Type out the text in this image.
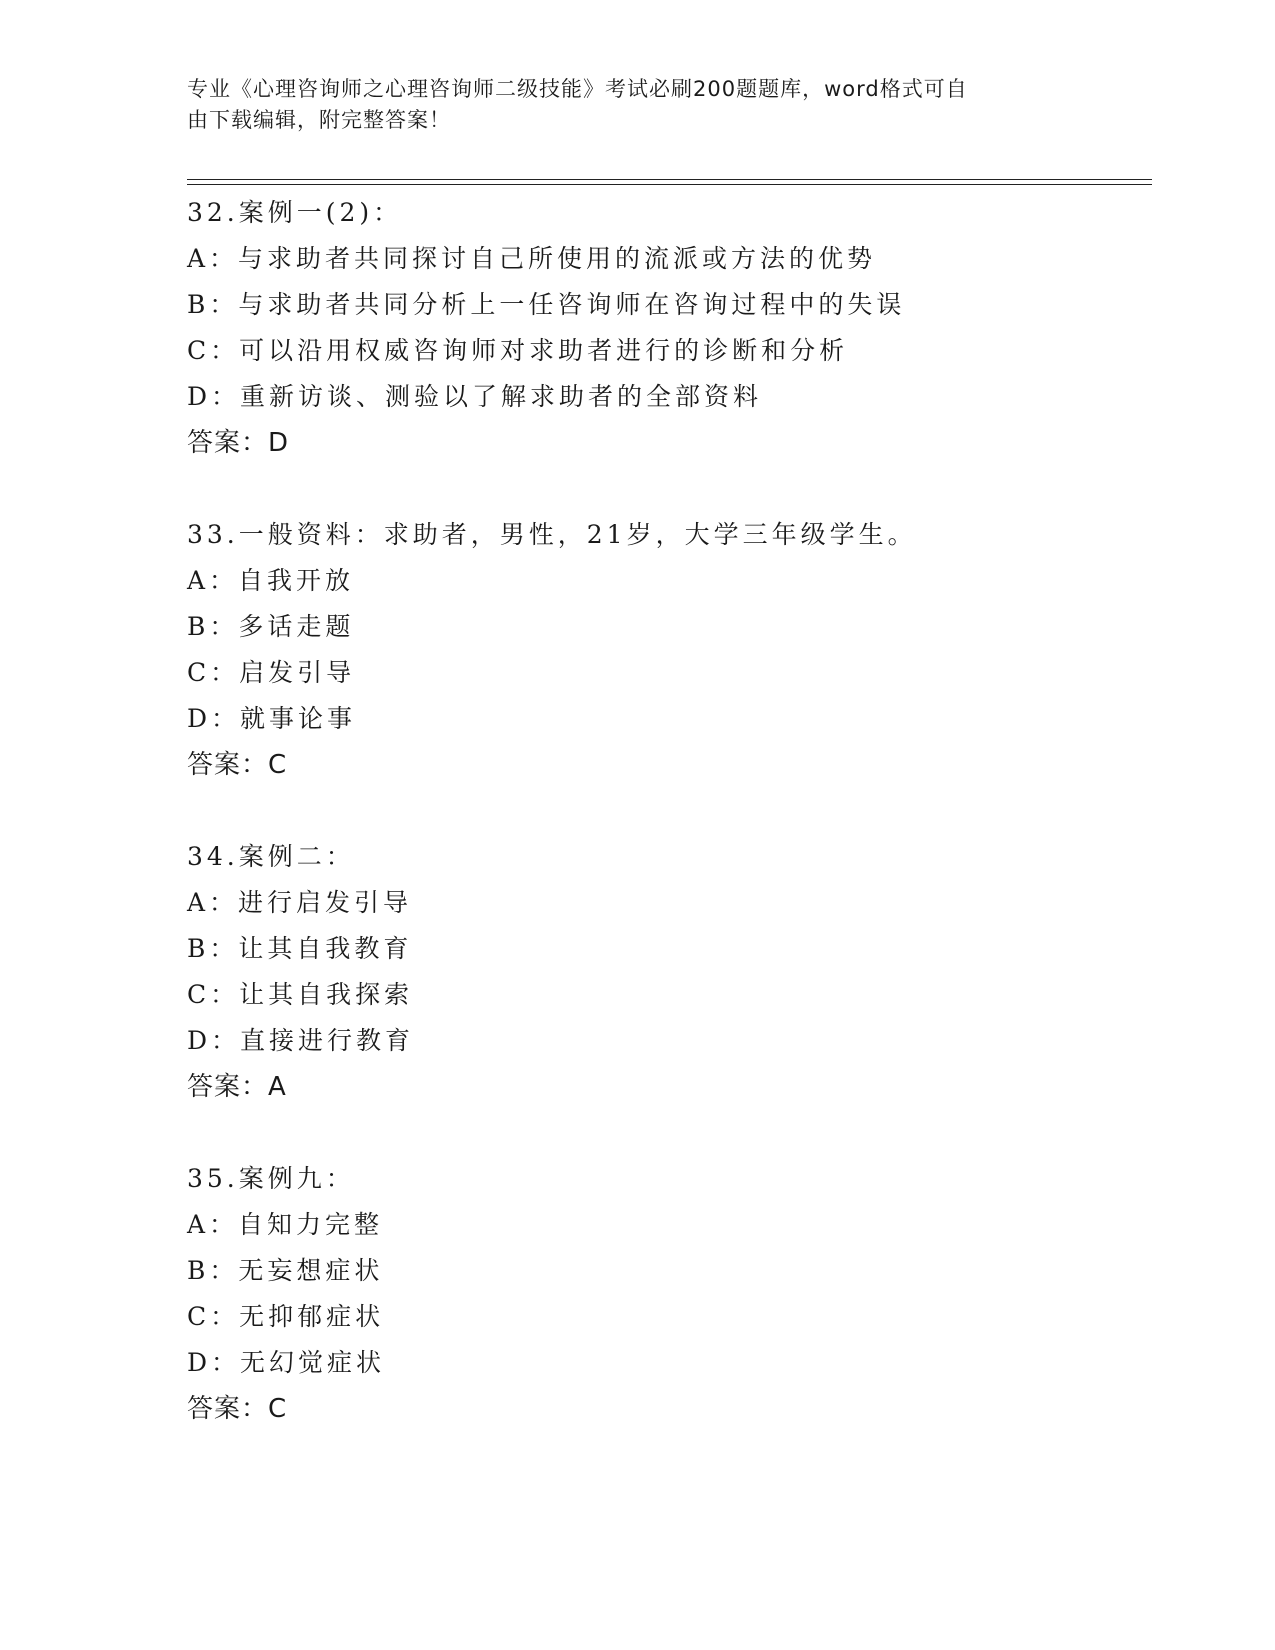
专业《心理咨询师之心理咨询师二级技能》考试必刷200题题库，word格式可自
由下载编辑，附完整答案！
32.案例一(2)：
A：与求助者共同探讨自己所使用的流派或方法的优势
B：与求助者共同分析上一任咨询师在咨询过程中的失误
C：可以沿用权威咨询师对求助者进行的诊断和分析
D：重新访谈、测验以了解求助者的全部资料
答案：D
33.一般资料：求助者，男性，21岁，大学三年级学生。
A：自我开放
B：多话走题
C：启发引导
D：就事论事
答案：C
34.案例二：
A：进行启发引导
B：让其自我教育
C：让其自我探索
D：直接进行教育
答案：A
35.案例九：
A：自知力完整
B：无妄想症状
C：无抑郁症状
D：无幻觉症状
答案：C
